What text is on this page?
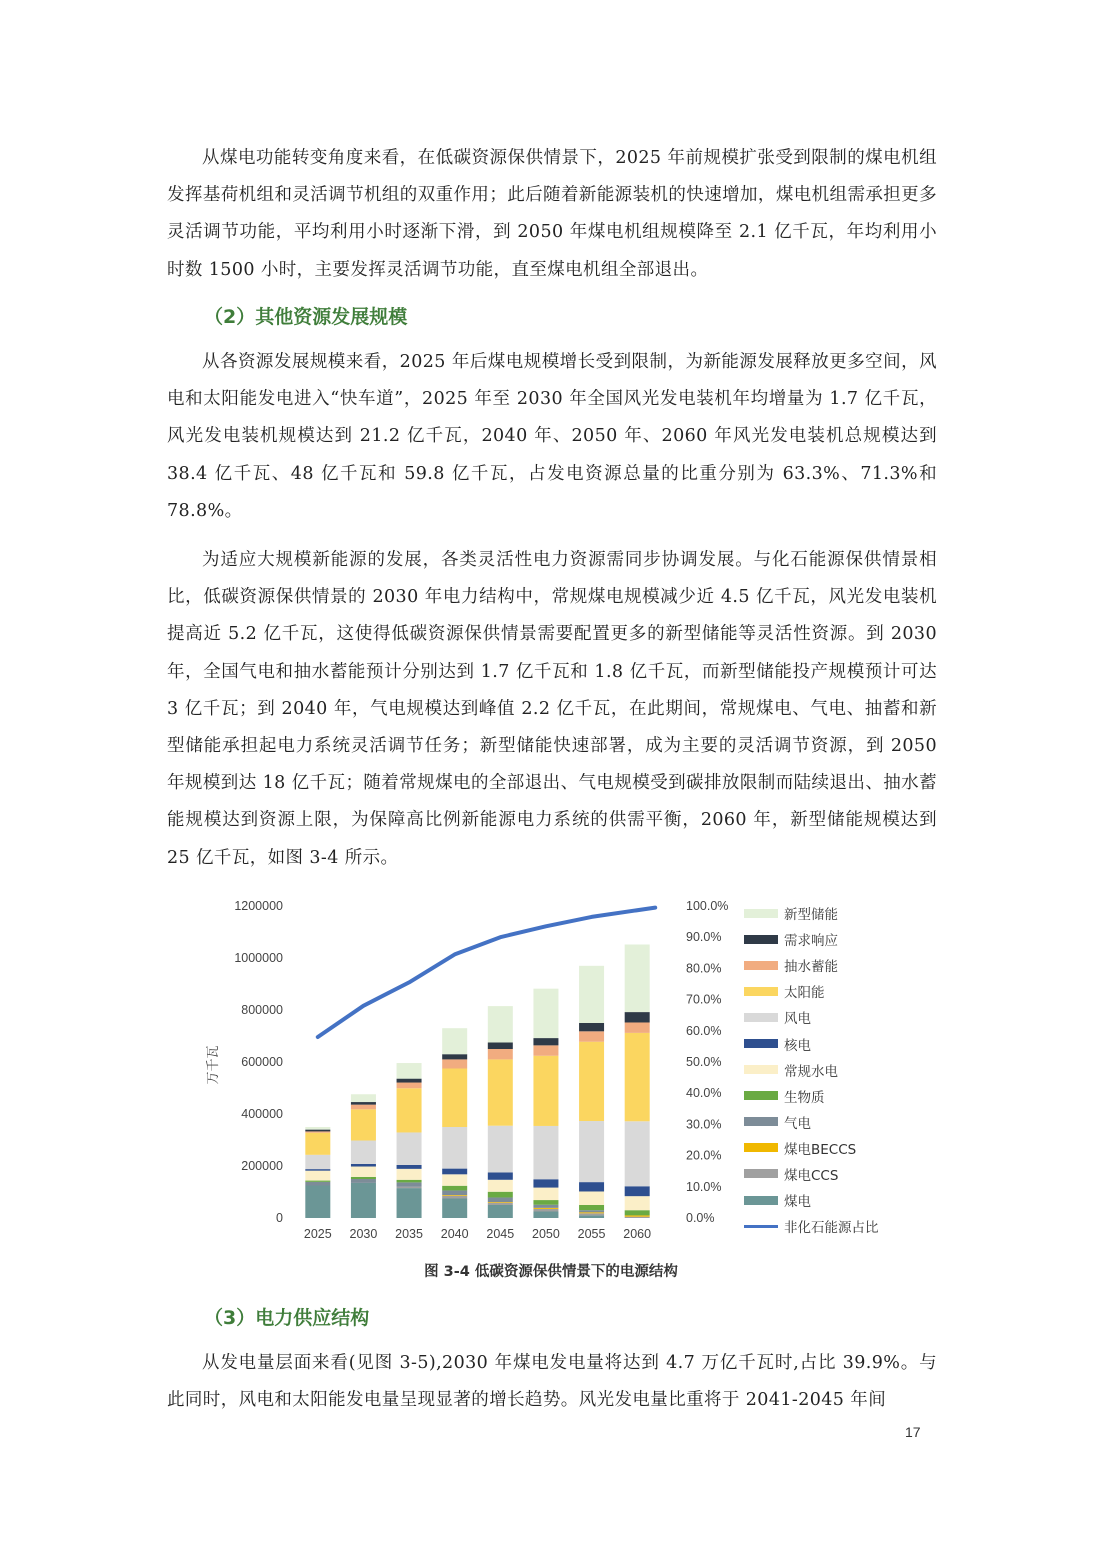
从煤电功能转变角度来看，在低碳资源保供情景下，2025 年前规模扩张受到限制的煤电机组发挥基荷机组和灵活调节机组的双重作用；此后随着新能源装机的快速增加，煤电机组需承担更多灵活调节功能，平均利用小时逐渐下滑，到 2050 年煤电机组规模降至 2.1 亿千瓦，年均利用小时数 1500 小时，主要发挥灵活调节功能，直至煤电机组全部退出。

（2）其他资源发展规模

从各资源发展规模来看，2025 年后煤电规模增长受到限制，为新能源发展释放更多空间，风电和太阳能发电进入“快车道”，2025 年至 2030 年全国风光发电装机年均增量为 1.7 亿千瓦，风光发电装机规模达到 21.2 亿千瓦，2040 年、2050 年、2060 年风光发电装机总规模达到 38.4 亿千瓦、48 亿千瓦和 59.8 亿千瓦，占发电资源总量的比重分别为 63.3%、71.3%和 78.8%。

为适应大规模新能源的发展，各类灵活性电力资源需同步协调发展。与化石能源保供情景相比，低碳资源保供情景的 2030 年电力结构中，常规煤电规模减少近 4.5 亿千瓦，风光发电装机提高近 5.2 亿千瓦，这使得低碳资源保供情景需要配置更多的新型储能等灵活性资源。到 2030 年，全国气电和抽水蓄能预计分别达到 1.7 亿千瓦和 1.8 亿千瓦，而新型储能投产规模预计可达 3 亿千瓦；到 2040 年，气电规模达到峰值 2.2 亿千瓦，在此期间，常规煤电、气电、抽蓄和新型储能承担起电力系统灵活调节任务；新型储能快速部署，成为主要的灵活调节资源，到 2050 年规模到达 18 亿千瓦；随着常规煤电的全部退出、气电规模受到碳排放限制而陆续退出、抽水蓄能规模达到资源上限，为保障高比例新能源电力系统的供需平衡，2060 年，新型储能规模达到 25 亿千瓦，如图 3-4 所示。

0
200000
400000
600000
800000
1000000
1200000
0.0%
10.0%
20.0%
30.0%
40.0%
50.0%
60.0%
70.0%
80.0%
90.0%
100.0%
2025 2030 2035 2040 2045 2050 2055 2060
万千瓦
新型储能
需求响应
抽水蓄能
太阳能
风电
核电
常规水电
生物质
气电
煤电BECCS
煤电CCS
煤电
非化石能源占比
图 3-4 低碳资源保供情景下的电源结构

（3）电力供应结构

从发电量层面来看(见图 3-5),2030 年煤电发电量将达到 4.7 万亿千瓦时,占比 39.9%。与此同时，风电和太阳能发电量呈现显著的增长趋势。风光发电量比重将于 2041-2045 年间

17
